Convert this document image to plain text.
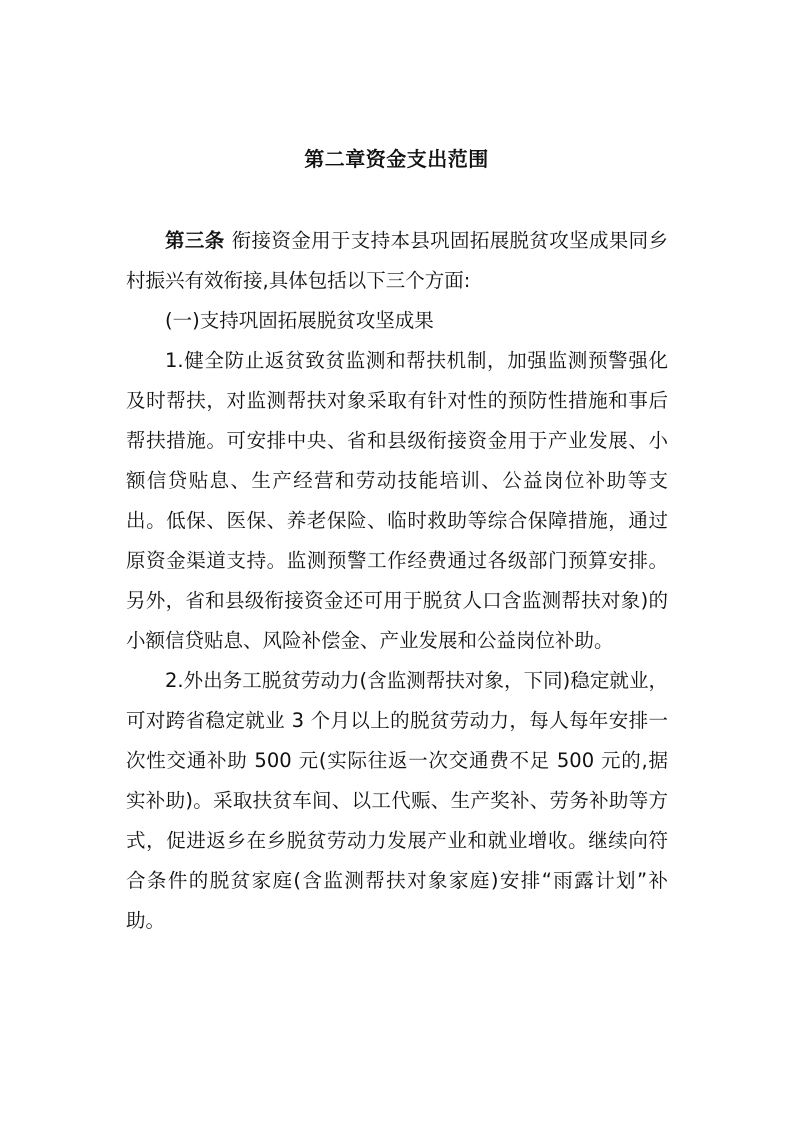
第二章资金支出范围

第三条 衔接资金用于支持本县巩固拓展脱贫攻坚成果同乡村振兴有效衔接,具体包括以下三个方面:

(一)支持巩固拓展脱贫攻坚成果

1.健全防止返贫致贫监测和帮扶机制，加强监测预警强化及时帮扶，对监测帮扶对象采取有针对性的预防性措施和事后帮扶措施。可安排中央、省和县级衔接资金用于产业发展、小额信贷贴息、生产经营和劳动技能培训、公益岗位补助等支出。低保、医保、养老保险、临时救助等综合保障措施，通过原资金渠道支持。监测预警工作经费通过各级部门预算安排。另外，省和县级衔接资金还可用于脱贫人口含监测帮扶对象)的小额信贷贴息、风险补偿金、产业发展和公益岗位补助。

2.外出务工脱贫劳动力(含监测帮扶对象，下同)稳定就业，可对跨省稳定就业 3 个月以上的脱贫劳动力，每人每年安排一次性交通补助 500 元(实际往返一次交通费不足 500 元的,据实补助)。采取扶贫车间、以工代赈、生产奖补、劳务补助等方式，促进返乡在乡脱贫劳动力发展产业和就业增收。继续向符合条件的脱贫家庭(含监测帮扶对象家庭)安排“雨露计划”补助。
